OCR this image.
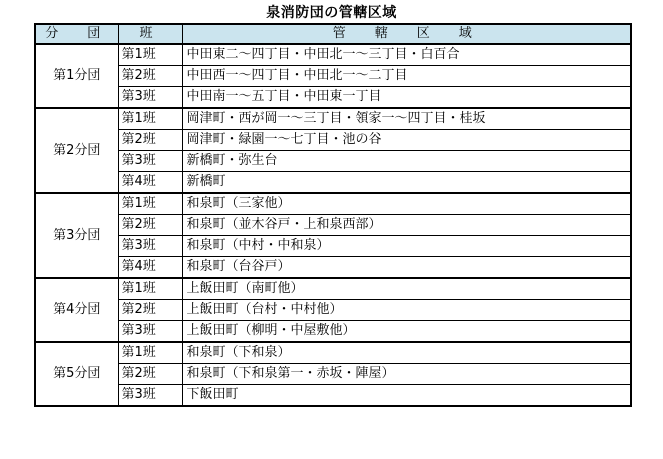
泉消防団の管轄区域
分　団	班	管　轄　区　域
第1分団	第1班	中田東二～四丁目・中田北一～三丁目・白百合
	第2班	中田西一～四丁目・中田北一～二丁目
	第3班	中田南一～五丁目・中田東一丁目
第2分団	第1班	岡津町・西が岡一～三丁目・領家一～四丁目・桂坂
	第2班	岡津町・緑園一～七丁目・池の谷
	第3班	新橋町・弥生台
	第4班	新橋町
第3分団	第1班	和泉町（三家他）
	第2班	和泉町（並木谷戸・上和泉西部）
	第3班	和泉町（中村・中和泉）
	第4班	和泉町（台谷戸）
第4分団	第1班	上飯田町（南町他）
	第2班	上飯田町（台村・中村他）
	第3班	上飯田町（柳明・中屋敷他）
第5分団	第1班	和泉町（下和泉）
	第2班	和泉町（下和泉第一・赤坂・陣屋）
	第3班	下飯田町
